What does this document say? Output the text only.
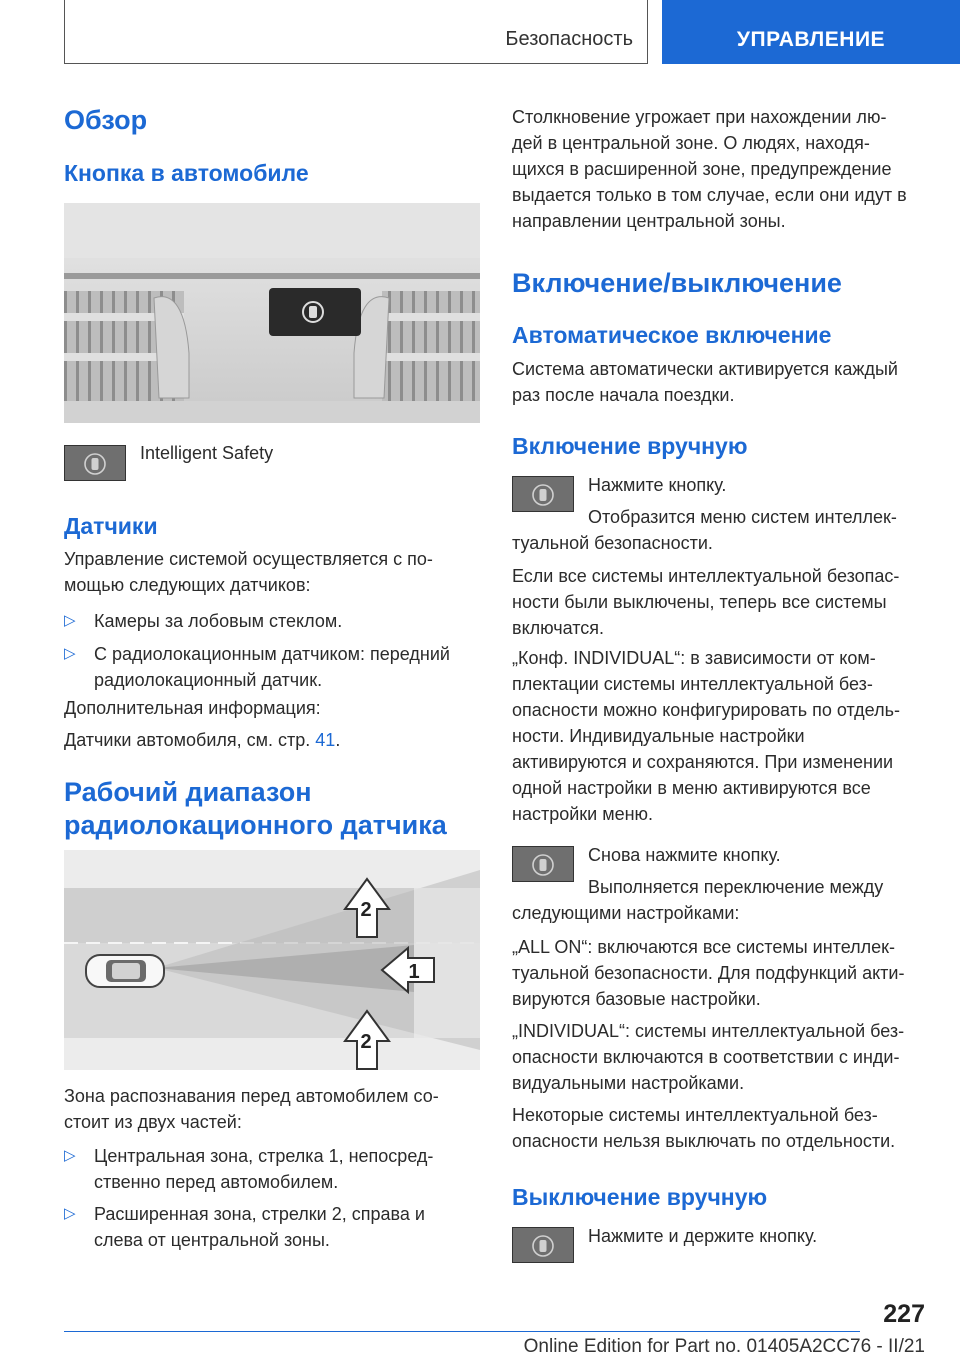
Безопасность	УПРАВЛЕНИЕ
Обзор
Кнопка в автомобиле
Intelligent Safety
Датчики
Управление системой осуществляется с по-
мощью следующих датчиков:
▷ Камеры за лобовым стеклом.
▷ С радиолокационным датчиком: передний
радиолокационный датчик.
Дополнительная информация:
Датчики автомобиля, см. стр. 41.
Рабочий диапазон
радиолокационного датчика
2
1
2
Зона распознавания перед автомобилем со-
стоит из двух частей:
▷ Центральная зона, стрелка 1, непосред-
ственно перед автомобилем.
▷ Расширенная зона, стрелки 2, справа и
слева от центральной зоны.
Столкновение угрожает при нахождении лю-
дей в центральной зоне. О людях, находя-
щихся в расширенной зоне, предупреждение
выдается только в том случае, если они идут в
направлении центральной зоны.
Включение/выключение
Автоматическое включение
Система автоматически активируется каждый
раз после начала поездки.
Включение вручную
Нажмите кнопку.
Отобразится меню систем интеллек-
туальной безопасности.
Если все системы интеллектуальной безопас-
ности были выключены, теперь все системы
включатся.
„Конф. INDIVIDUAL“: в зависимости от ком-
плектации системы интеллектуальной без-
опасности можно конфигурировать по отдель-
ности. Индивидуальные настройки
активируются и сохраняются. При изменении
одной настройки в меню активируются все
настройки меню.
Снова нажмите кнопку.
Выполняется переключение между
следующими настройками:
„ALL ON“: включаются все системы интеллек-
туальной безопасности. Для подфункций акти-
вируются базовые настройки.
„INDIVIDUAL“: системы интеллектуальной без-
опасности включаются в соответствии с инди-
видуальными настройками.
Некоторые системы интеллектуальной без-
опасности нельзя выключать по отдельности.
Выключение вручную
Нажмите и держите кнопку.
227
Online Edition for Part no. 01405A2CC76 - II/21
